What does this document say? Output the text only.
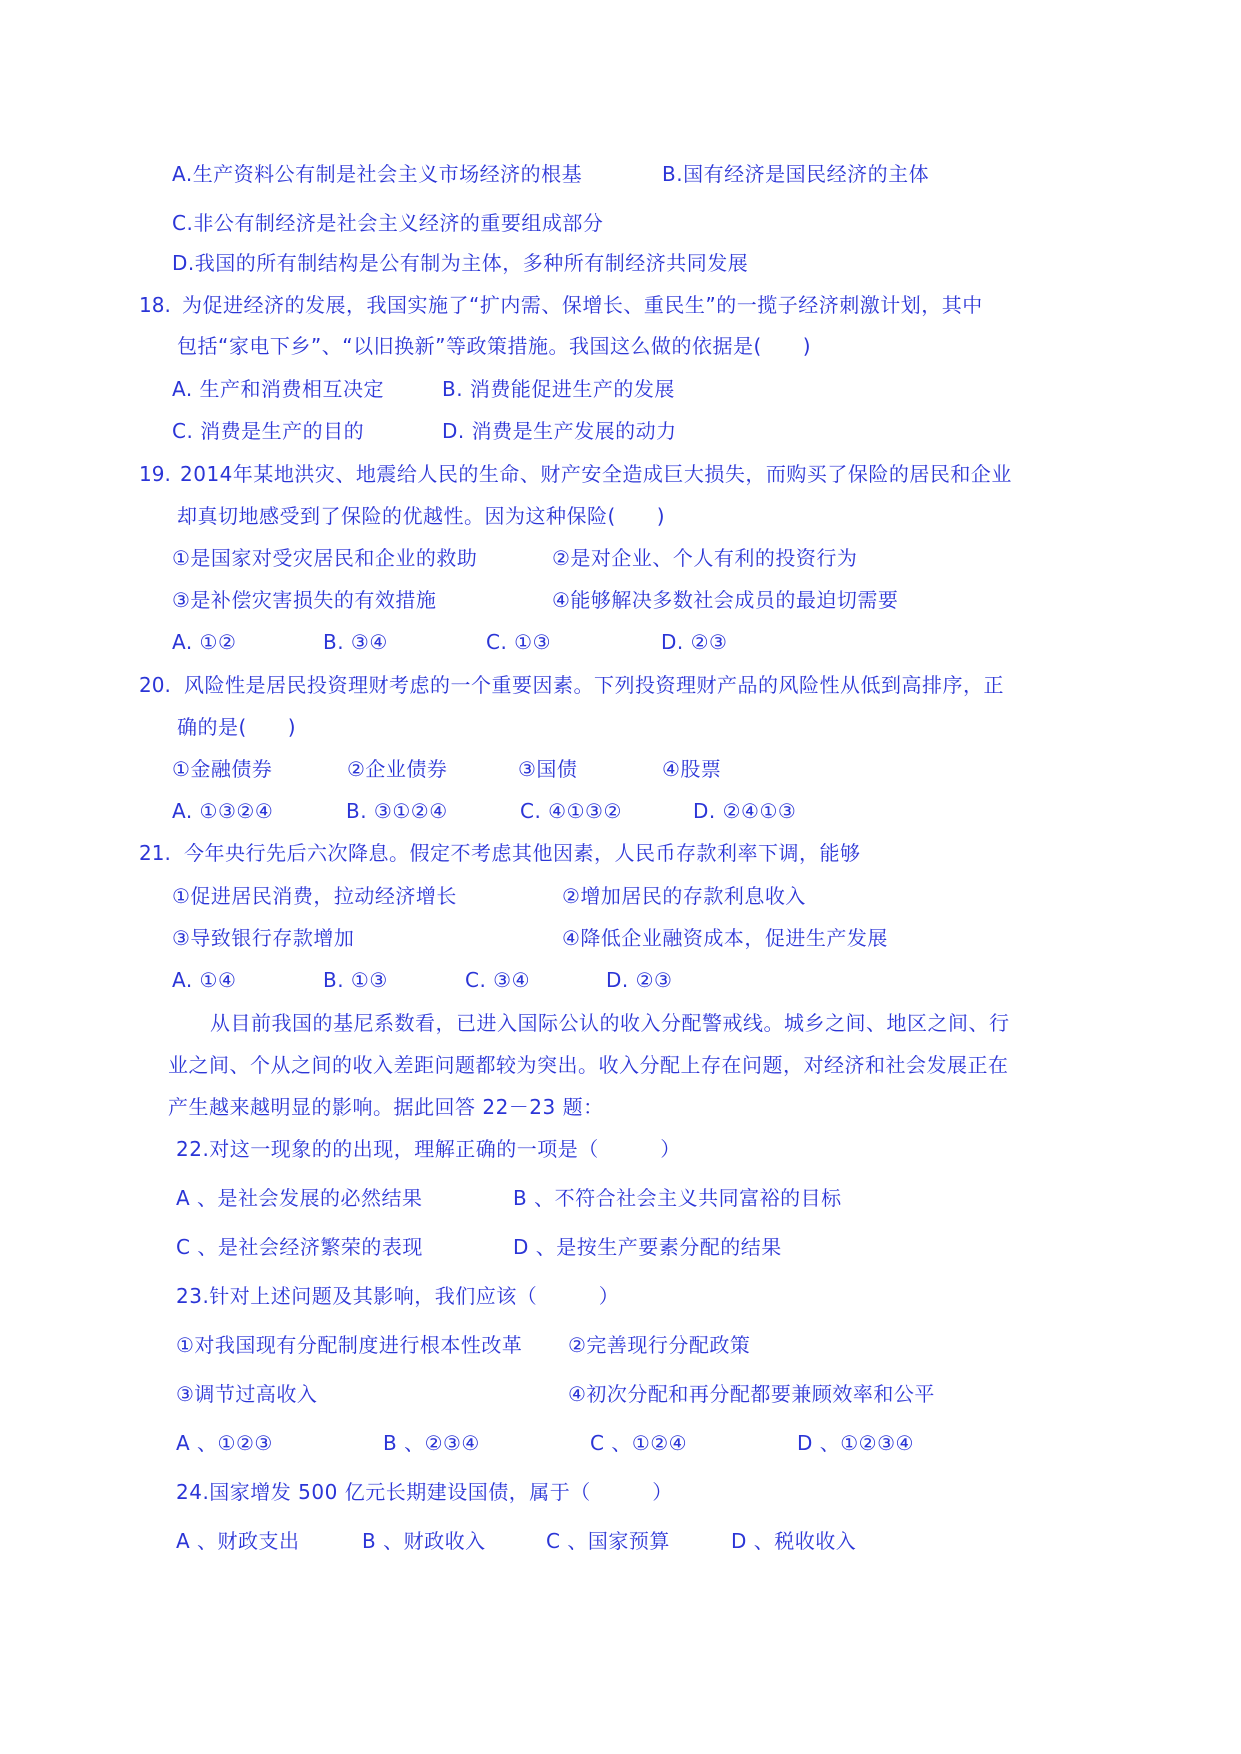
A.生产资料公有制是社会主义市场经济的根基	B.国有经济是国民经济的主体
C.非公有制经济是社会主义经济的重要组成部分
D.我国的所有制结构是公有制为主体，多种所有制经济共同发展
18. 为促进经济的发展，我国实施了“扩内需、保增长、重民生”的一揽子经济刺激计划，其中
包括“家电下乡”、“以旧换新”等政策措施。我国这么做的依据是(　　)
A. 生产和消费相互决定	B. 消费能促进生产的发展
C. 消费是生产的目的	D. 消费是生产发展的动力
19. 2014年某地洪灾、地震给人民的生命、财产安全造成巨大损失，而购买了保险的居民和企业
却真切地感受到了保险的优越性。因为这种保险(　　)
①是国家对受灾居民和企业的救助	②是对企业、个人有利的投资行为
③是补偿灾害损失的有效措施	④能够解决多数社会成员的最迫切需要
A. ①②	B. ③④	C. ①③	D. ②③
20. 风险性是居民投资理财考虑的一个重要因素。下列投资理财产品的风险性从低到高排序，正
确的是(　　)
①金融债券	②企业债券	③国债	④股票
A. ①③②④	B. ③①②④	C. ④①③②	D. ②④①③
21. 今年央行先后六次降息。假定不考虑其他因素，人民币存款利率下调，能够
①促进居民消费，拉动经济增长	②增加居民的存款利息收入
③导致银行存款增加	④降低企业融资成本，促进生产发展
A. ①④	B. ①③	C. ③④	D. ②③
从目前我国的基尼系数看，已进入国际公认的收入分配警戒线。城乡之间、地区之间、行
业之间、个从之间的收入差距问题都较为突出。收入分配上存在问题，对经济和社会发展正在
产生越来越明显的影响。据此回答 22－23 题：
22.对这一现象的的出现，理解正确的一项是（　　　）
A 、是社会发展的必然结果	B 、不符合社会主义共同富裕的目标
C 、是社会经济繁荣的表现	D 、是按生产要素分配的结果
23.针对上述问题及其影响，我们应该（　　　）
①对我国现有分配制度进行根本性改革 ②完善现行分配政策
③调节过高收入	④初次分配和再分配都要兼顾效率和公平
A 、①②③	B 、②③④	C 、①②④	D 、①②③④
24.国家增发 500 亿元长期建设国债，属于（　　　）
A 、财政支出	B 、财政收入	C 、国家预算	D 、税收收入
